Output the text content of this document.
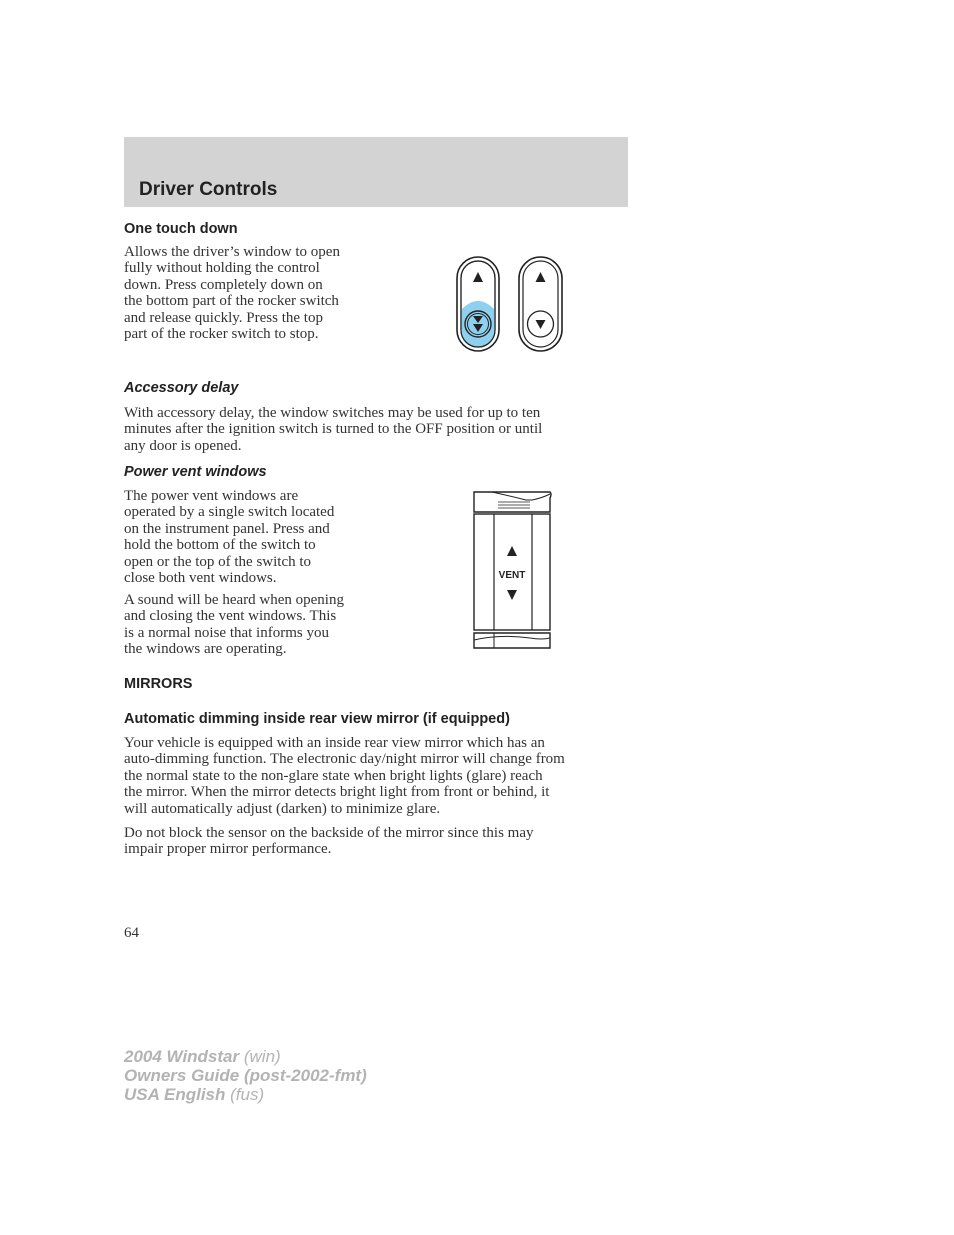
Driver Controls
One touch down

Allows the driver’s window to open
fully without holding the control
down. Press completely down on
the bottom part of the rocker switch
and release quickly. Press the top
part of the rocker switch to stop.

Accessory delay

With accessory delay, the window switches may be used for up to ten
minutes after the ignition switch is turned to the OFF position or until
any door is opened.

Power vent windows

The power vent windows are
operated by a single switch located
on the instrument panel. Press and
hold the bottom of the switch to
open or the top of the switch to
close both vent windows.

A sound will be heard when opening
and closing the vent windows. This
is a normal noise that informs you
the windows are operating.

VENT
MIRRORS
Automatic dimming inside rear view mirror (if equipped)

Your vehicle is equipped with an inside rear view mirror which has an
auto-dimming function. The electronic day/night mirror will change from
the normal state to the non-glare state when bright lights (glare) reach
the mirror. When the mirror detects bright light from front or behind, it
will automatically adjust (darken) to minimize glare.

Do not block the sensor on the backside of the mirror since this may
impair proper mirror performance.

64
2004 Windstar (win)
Owners Guide (post-2002-fmt)
USA English (fus)
